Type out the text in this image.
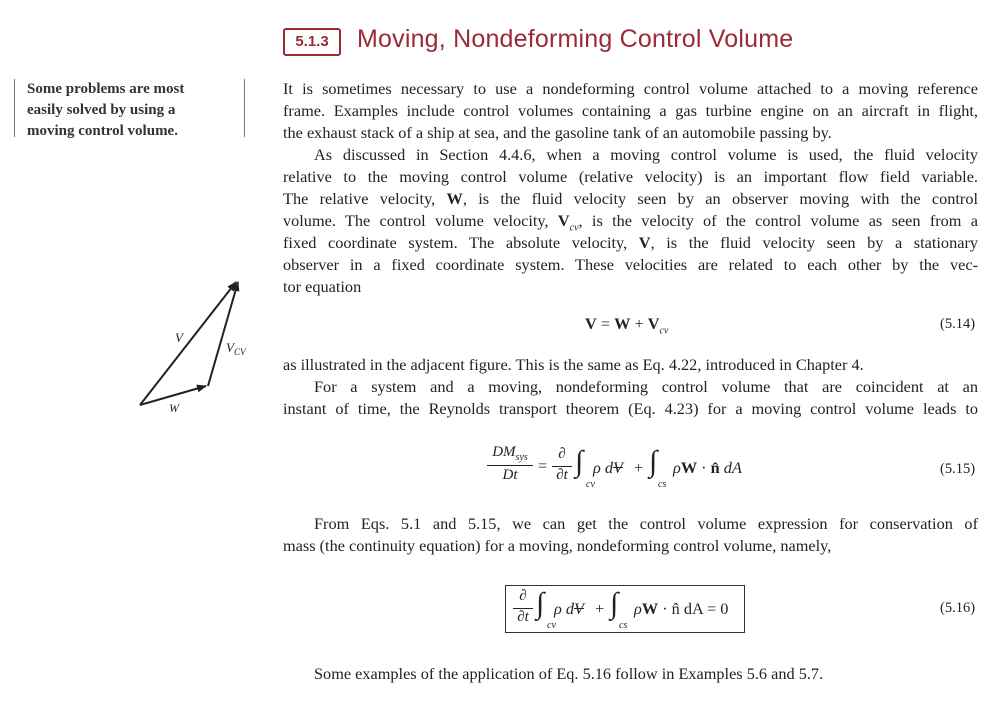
5.1.3	Moving, Nondeforming Control Volume
Some problems are most
easily solved by using a
moving control volume.
V
$V_{CV}$
W
It is sometimes necessary to use a nondeforming control volume attached to a moving reference
frame. Examples include control volumes containing a gas turbine engine on an aircraft in flight,
the exhaust stack of a ship at sea, and the gasoline tank of an automobile passing by.
As discussed in Section 4.4.6, when a moving control volume is used, the fluid velocity
relative to the moving control volume (relative velocity) is an important flow field variable.
The relative velocity, W, is the fluid velocity seen by an observer moving with the control
volume. The control volume velocity, $V_{cv}$, is the velocity of the control volume as seen from a
fixed coordinate system. The absolute velocity, V, is the fluid velocity seen by a stationary
observer in a fixed coordinate system. These velocities are related to each other by the vec-
tor equation
$V = W + V_{cv}$	(5.14)
as illustrated in the adjacent figure. This is the same as Eq. 4.22, introduced in Chapter 4.
For a system and a moving, nondeforming control volume that are coincident at an
instant of time, the Reynolds transport theorem (Eq. 4.23) for a moving control volume leads to
$DM_{sys}$
Dt	=
∂
∂t ∫
cv
ρ dV + ∫
cs
ρW · n̂ dA	(5.15)
From Eqs. 5.1 and 5.15, we can get the control volume expression for conservation of
mass (the continuity equation) for a moving, nondeforming control volume, namely,
∂
∂t ∫
cv
ρ dV + ∫
cs
ρW · n̂ dA = 0	(5.16)
Some examples of the application of Eq. 5.16 follow in Examples 5.6 and 5.7.
